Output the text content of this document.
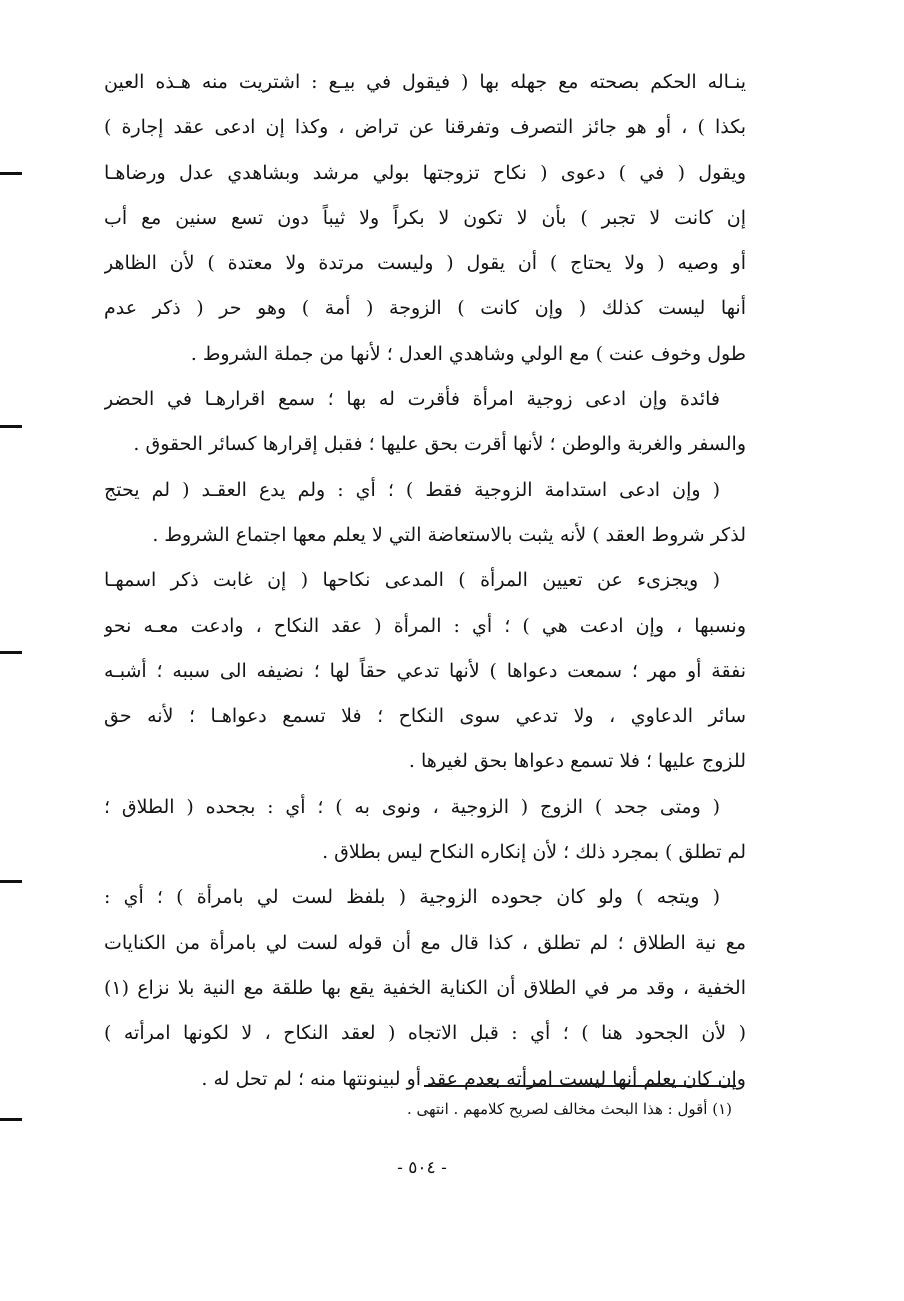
ينـاله الحكم بصحته مع جهله بها ( فيقول في بيـع : اشتريت منه هـذه العين
بكذا ) ، أو هو جائز التصرف وتفرقنا عن تراض ، وكذا إن ادعى عقد إجارة )
ويقول ( في ) دعوى ( نكاح تزوجتها بولي مرشد وبشاهدي عدل ورضاهـا
إن كانت لا تجبر ) بأن لا تكون لا بكراً ولا ثيباً دون تسع سنين مع أب
أو وصيه ( ولا يحتاج ) أن يقول ( وليست مرتدة ولا معتدة ) لأن الظاهر
أنها ليست كذلك ( وإن كانت ) الزوجة ( أمة ) وهو حر ( ذكر عدم
طول وخوف عنت ) مع الولي وشاهدي العدل ؛ لأنها من جملة الشروط .
فائدة وإن ادعى زوجية امرأة فأقرت له بها ؛ سمع اقرارهـا في الحضر
والسفر والغربة والوطن ؛ لأنها أقرت بحق عليها ؛ فقبل إقرارها كسائر الحقوق .
( وإن ادعى استدامة الزوجية فقط ) ؛ أي : ولم يدع العقـد ( لم يحتج
لذكر شروط العقد ) لأنه يثبت بالاستعاضة التي لا يعلم معها اجتماع الشروط .
( ويجزىء عن تعيين المرأة ) المدعى نكاحها ( إن غابت ذكر اسمهـا
ونسبها ، وإن ادعت هي ) ؛ أي : المرأة ( عقد النكاح ، وادعت معـه نحو
نفقة أو مهر ؛ سمعت دعواها ) لأنها تدعي حقاً لها ؛ نضيفه الى سببه ؛ أشبـه
سائر الدعاوي ، ولا تدعي سوى النكاح ؛ فلا تسمع دعواهـا ؛ لأنه حق
للزوج عليها ؛ فلا تسمع دعواها بحق لغيرها .
( ومتى جحد ) الزوج ( الزوجية ، ونوى به ) ؛ أي : بجحده ( الطلاق ؛
لم تطلق ) بمجرد ذلك ؛ لأن إنكاره النكاح ليس بطلاق .
( ويتجه ) ولو كان جحوده الزوجية ( بلفظ لست لي بامرأة ) ؛ أي :
مع نية الطلاق ؛ لم تطلق ، كذا قال مع أن قوله لست لي بامرأة من الكنايات
الخفية ، وقد مر في الطلاق أن الكناية الخفية يقع بها طلقة مع النية بلا نزاع (١)
( لأن الجحود هنا ) ؛ أي : قبل الاتجاه ( لعقد النكاح ، لا لكونها امرأته )
وإن كان يعلم أنها ليست امرأته بعدم عقد أو لبينونتها منه ؛ لم تحل له .
(١) أقول : هذا البحث مخالف لصريح كلامهم . انتهى .
- ٥٠٤ -
